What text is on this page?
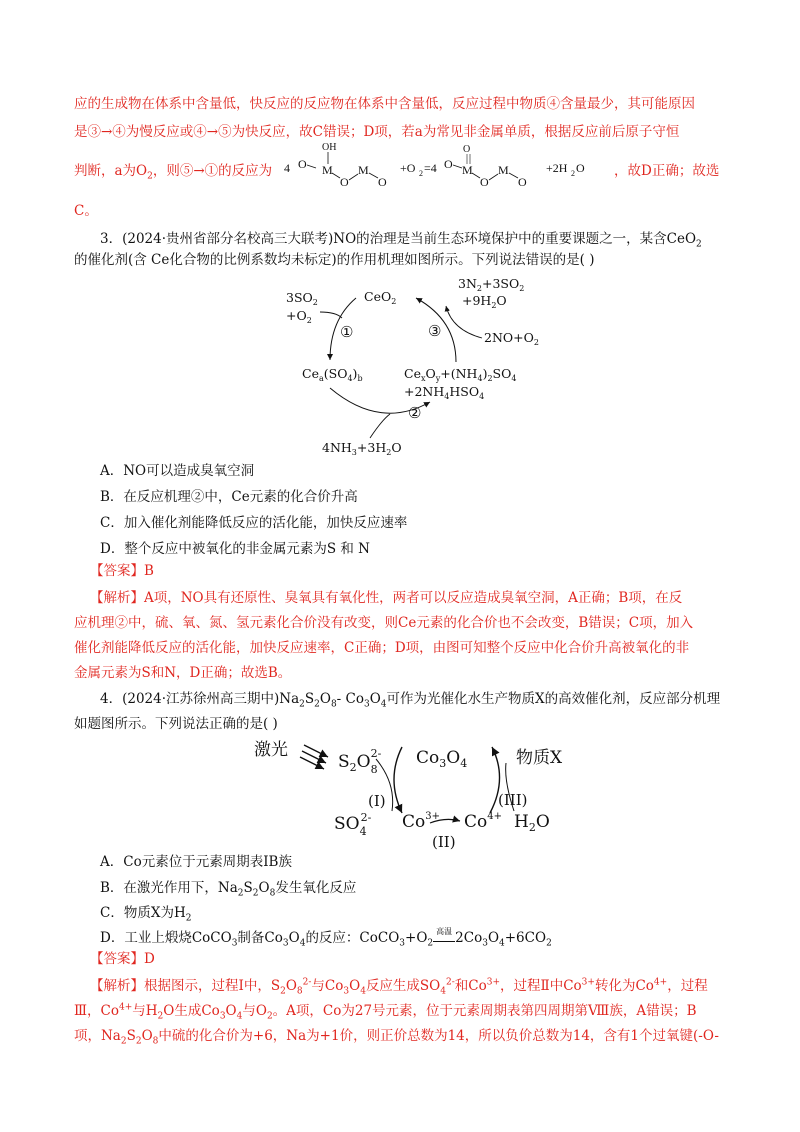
应的生成物在体系中含量低，快反应的反应物在体系中含量低，反应过程中物质④含量最少，其可能原因
是③→④为慢反应或④→⑤为快反应，故C错误；D项，若a为常见非金属单质，根据反应前后原子守恒
判断，a为$O_2$，则⑤→①的反应为 4 O
OH
M
O
M
O
+O 2 =4 O
O
M
O
M
O
+2H 2 O ，故D正确；故选
C。
3．(2024·贵州省部分名校高三大联考)NO的治理是当前生态环境保护中的重要课题之一，某含CeO$_2$
的催化剂(含 Ce化合物的比例系数均未标定)的作用机理如图所示。下列说法错误的是( )
$3SO_2$
$+O_2$
CeO$_2$
$3N_2+3SO_2$
$+9H_2O$
$2NO+O_2$
①	③
②
$Ce_a(SO_4)_b$	$Ce_xO_y+(NH_4)_2SO_4$
$+2NH_4HSO_4$
$4NH_3+3H_2O$
A．NO可以造成臭氧空洞
B．在反应机理②中，Ce元素的化合价升高
C．加入催化剂能降低反应的活化能，加快反应速率
D．整个反应中被氧化的非金属元素为S 和 N
【答案】B
【解析】A项，NO具有还原性、臭氧具有氧化性，两者可以反应造成臭氧空洞，A正确；B项，在反
应机理②中，硫、氧、氮、氢元素化合价没有改变，则Ce元素的化合价也不会改变，B错误；C项，加入
催化剂能降低反应的活化能，加快反应速率，C正确；D项，由图可知整个反应中化合价升高被氧化的非
金属元素为S和N，D正确；故选B。
4．(2024·江苏徐州高三期中)$Na_2S_2O_8-$ $Co_3O_4$可作为光催化水生产物质X的高效催化剂，反应部分机理
如题图所示。下列说法正确的是( )
激光
$S_2O_82-$ $Co_3O_4$	物质X
(I)	(III)
(II)
$SO_42-$ $Co^{3+}$ $Co^{4+}$ $H_2O$
A．Co元素位于元素周期表IB族
B．在激光作用下，$Na_2S_2O_8$发生氧化反应
C．物质X为$H_2$
D．工业上煅烧CoCO$_3$制备$Co_3O_4$的反应：$CoCO_3+O_2$
高温 $2Co_3O_4+6CO_2$
【答案】D
【解析】根据图示，过程Ⅰ中，$S_2O_8^{2-}$与$Co_3O_4$反应生成$SO_4^{2-}$和$Co^{3+}$，过程Ⅱ中$Co^{3+}$转化为$Co^{4+}$，过程
Ⅲ，$Co^{4+}$与$H_2O$生成$Co_3O_4$与$O_2$。A项，Co为27号元素，位于元素周期表第四周期第Ⅷ族，A错误；B
项，$Na_2S_2O_8$中硫的化合价为+6，Na为+1价，则正价总数为14，所以负价总数为14，含有1个过氧键(-O-
